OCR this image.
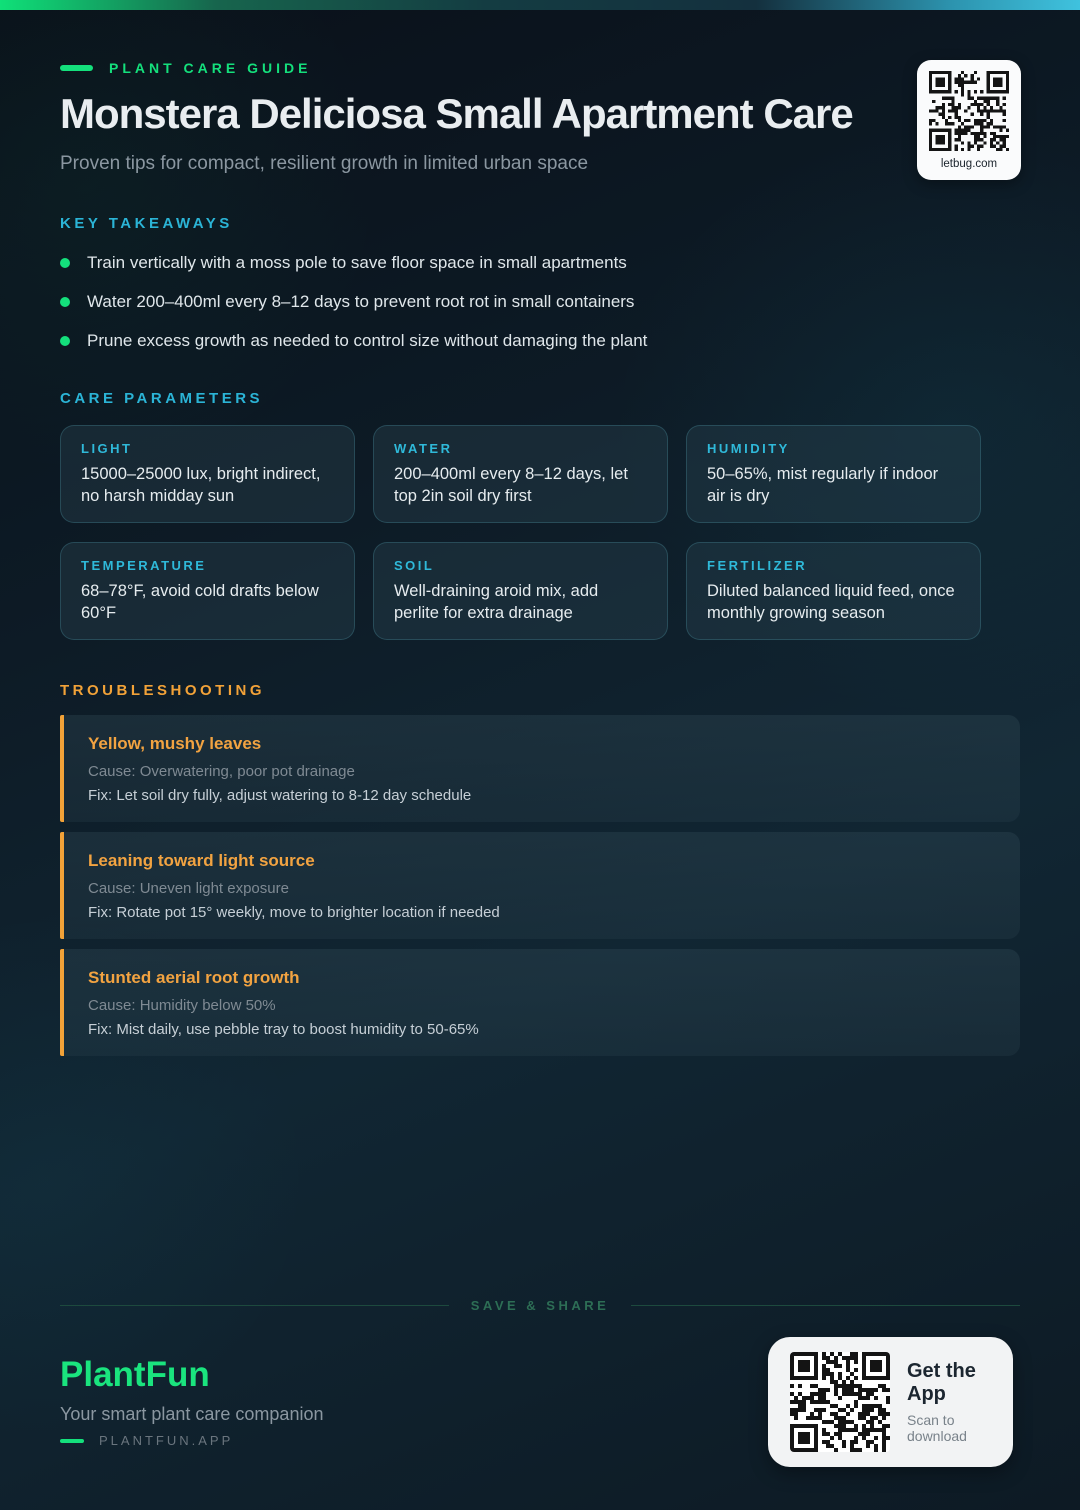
PLANT CARE GUIDE
Monstera Deliciosa Small Apartment Care
Proven tips for compact, resilient growth in limited urban space	letbug.com
KEY TAKEAWAYS
Train vertically with a moss pole to save floor space in small apartments
Water 200–400ml every 8–12 days to prevent root rot in small containers
Prune excess growth as needed to control size without damaging the plant
CARE PARAMETERS
LIGHT
15000–25000 lux, bright indirect, no harsh midday sun
WATER
200–400ml every 8–12 days, let top 2in soil dry first
HUMIDITY
50–65%, mist regularly if indoor air is dry
TEMPERATURE
68–78°F, avoid cold drafts below 60°F
SOIL
Well-draining aroid mix, add perlite for extra drainage
FERTILIZER
Diluted balanced liquid feed, once monthly growing season
TROUBLESHOOTING
Yellow, mushy leaves
Cause: Overwatering, poor pot drainage
Fix: Let soil dry fully, adjust watering to 8-12 day schedule
Leaning toward light source
Cause: Uneven light exposure
Fix: Rotate pot 15° weekly, move to brighter location if needed
Stunted aerial root growth
Cause: Humidity below 50%
Fix: Mist daily, use pebble tray to boost humidity to 50-65%
SAVE & SHARE
PlantFun
Your smart plant care companion
PLANTFUN.APP
Get the App
Scan to download
